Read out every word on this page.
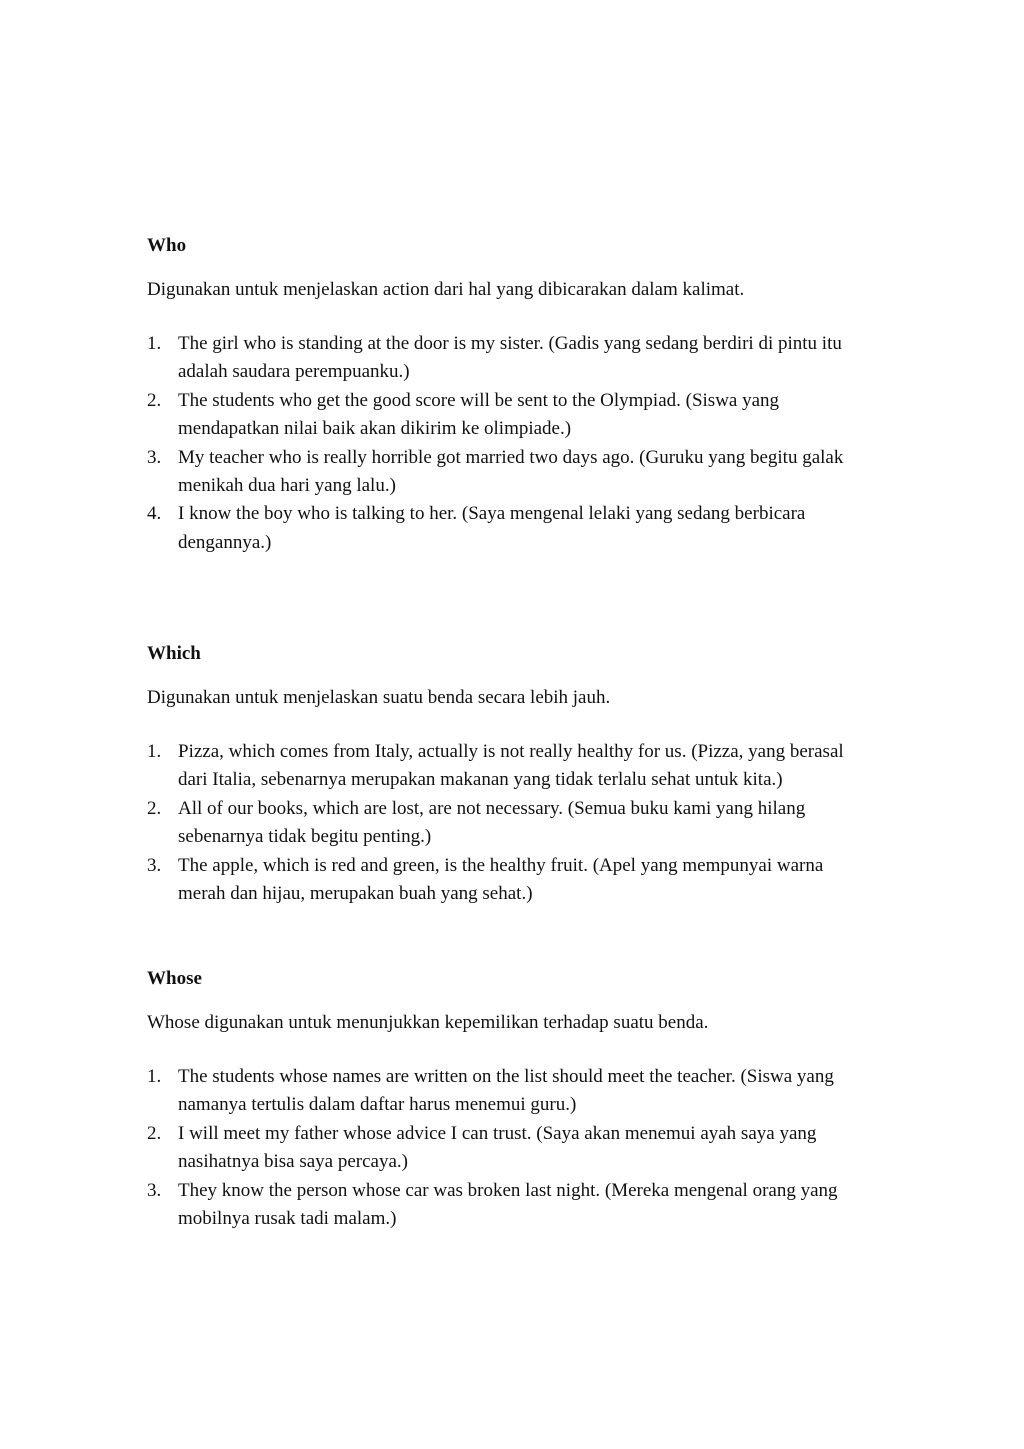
Who

Digunakan untuk menjelaskan action dari hal yang dibicarakan dalam kalimat.

1. The girl who is standing at the door is my sister. (Gadis yang sedang berdiri di pintu itu adalah saudara perempuanku.)
2. The students who get the good score will be sent to the Olympiad. (Siswa yang mendapatkan nilai baik akan dikirim ke olimpiade.)
3. My teacher who is really horrible got married two days ago. (Guruku yang begitu galak menikah dua hari yang lalu.)
4. I know the boy who is talking to her. (Saya mengenal lelaki yang sedang berbicara dengannya.)
Which

Digunakan untuk menjelaskan suatu benda secara lebih jauh.

1. Pizza, which comes from Italy, actually is not really healthy for us. (Pizza, yang berasal dari Italia, sebenarnya merupakan makanan yang tidak terlalu sehat untuk kita.)
2. All of our books, which are lost, are not necessary. (Semua buku kami yang hilang sebenarnya tidak begitu penting.)
3. The apple, which is red and green, is the healthy fruit. (Apel yang mempunyai warna merah dan hijau, merupakan buah yang sehat.)
Whose

Whose digunakan untuk menunjukkan kepemilikan terhadap suatu benda.

1. The students whose names are written on the list should meet the teacher. (Siswa yang namanya tertulis dalam daftar harus menemui guru.)
2. I will meet my father whose advice I can trust. (Saya akan menemui ayah saya yang nasihatnya bisa saya percaya.)
3. They know the person whose car was broken last night. (Mereka mengenal orang yang mobilnya rusak tadi malam.)
